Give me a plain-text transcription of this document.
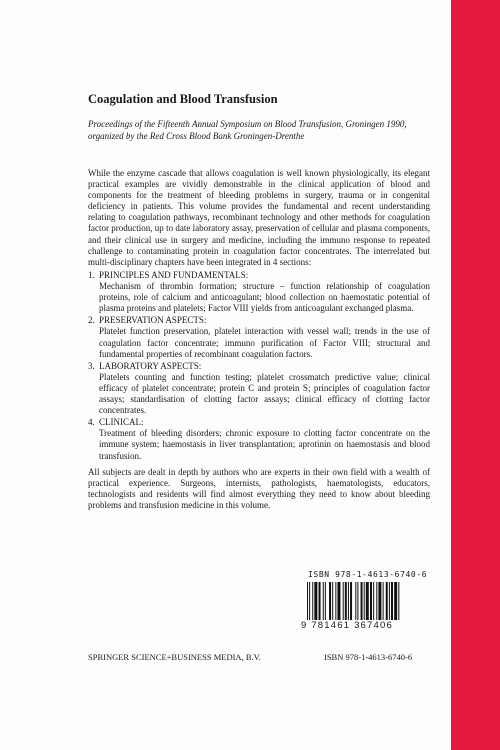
Coagulation and Blood Transfusion
Proceedings of the Fifteenth Annual Symposium on Blood Transfusion, Groningen 1990, organized by the Red Cross Blood Bank Groningen-Drenthe
While the enzyme cascade that allows coagulation is well known physiologically, its elegant practical examples are vividly demonstrable in the clinical application of blood and components for the treatment of bleeding problems in surgery, trauma or in congenital deficiency in patients. This volume provides the fundamental and recent understanding relating to coagulation pathways, recombinant technology and other methods for coagulation factor production, up to date laboratory assay, preservation of cellular and plasma components, and their clinical use in surgery and medicine, including the immuno response to repeated challenge to contaminating protein in coagulation factor concentrates. The interrelated but multi-disciplinary chapters have been integrated in 4 sections:
1. PRINCIPLES AND FUNDAMENTALS:
Mechanism of thrombin formation; structure – function relationship of coagulation proteins, role of calcium and anticoagulant; blood collection on haemostatic potential of plasma proteins and platelets; Factor VIII yields from anticoagulant exchanged plasma.
2. PRESERVATION ASPECTS:
Platelet function preservation, platelet interaction with vessel wall; trends in the use of coagulation factor concentrate; immuno purification of Factor VIII; structural and fundamental properties of recombinant coagulation factors.
3. LABORATORY ASPECTS:
Platelets counting and function testing; platelet crossmatch predictive value; clinical efficacy of platelet concentrate; protein C and protein S; principles of coagulation factor assays; standardisation of clotting factor assays; clinical efficacy of clotting factor concentrates.
4. CLINICAL:
Treatment of bleeding disorders; chronic exposure to clotting factor concentrate on the immune system; haemostasis in liver transplantation; aprotinin on haemostasis and blood transfusion.
All subjects are dealt in depth by authors who are experts in their own field with a wealth of practical experience. Surgeons, internists, pathologists, haematologists, educators, technologists and residents will find almost everything they need to know about bleeding problems and transfusion medicine in this volume.
ISBN 978-1-4613-6740-6
9 781461 367406
SPRINGER SCIENCE+BUSINESS MEDIA, B.V.	ISBN 978-1-4613-6740-6
